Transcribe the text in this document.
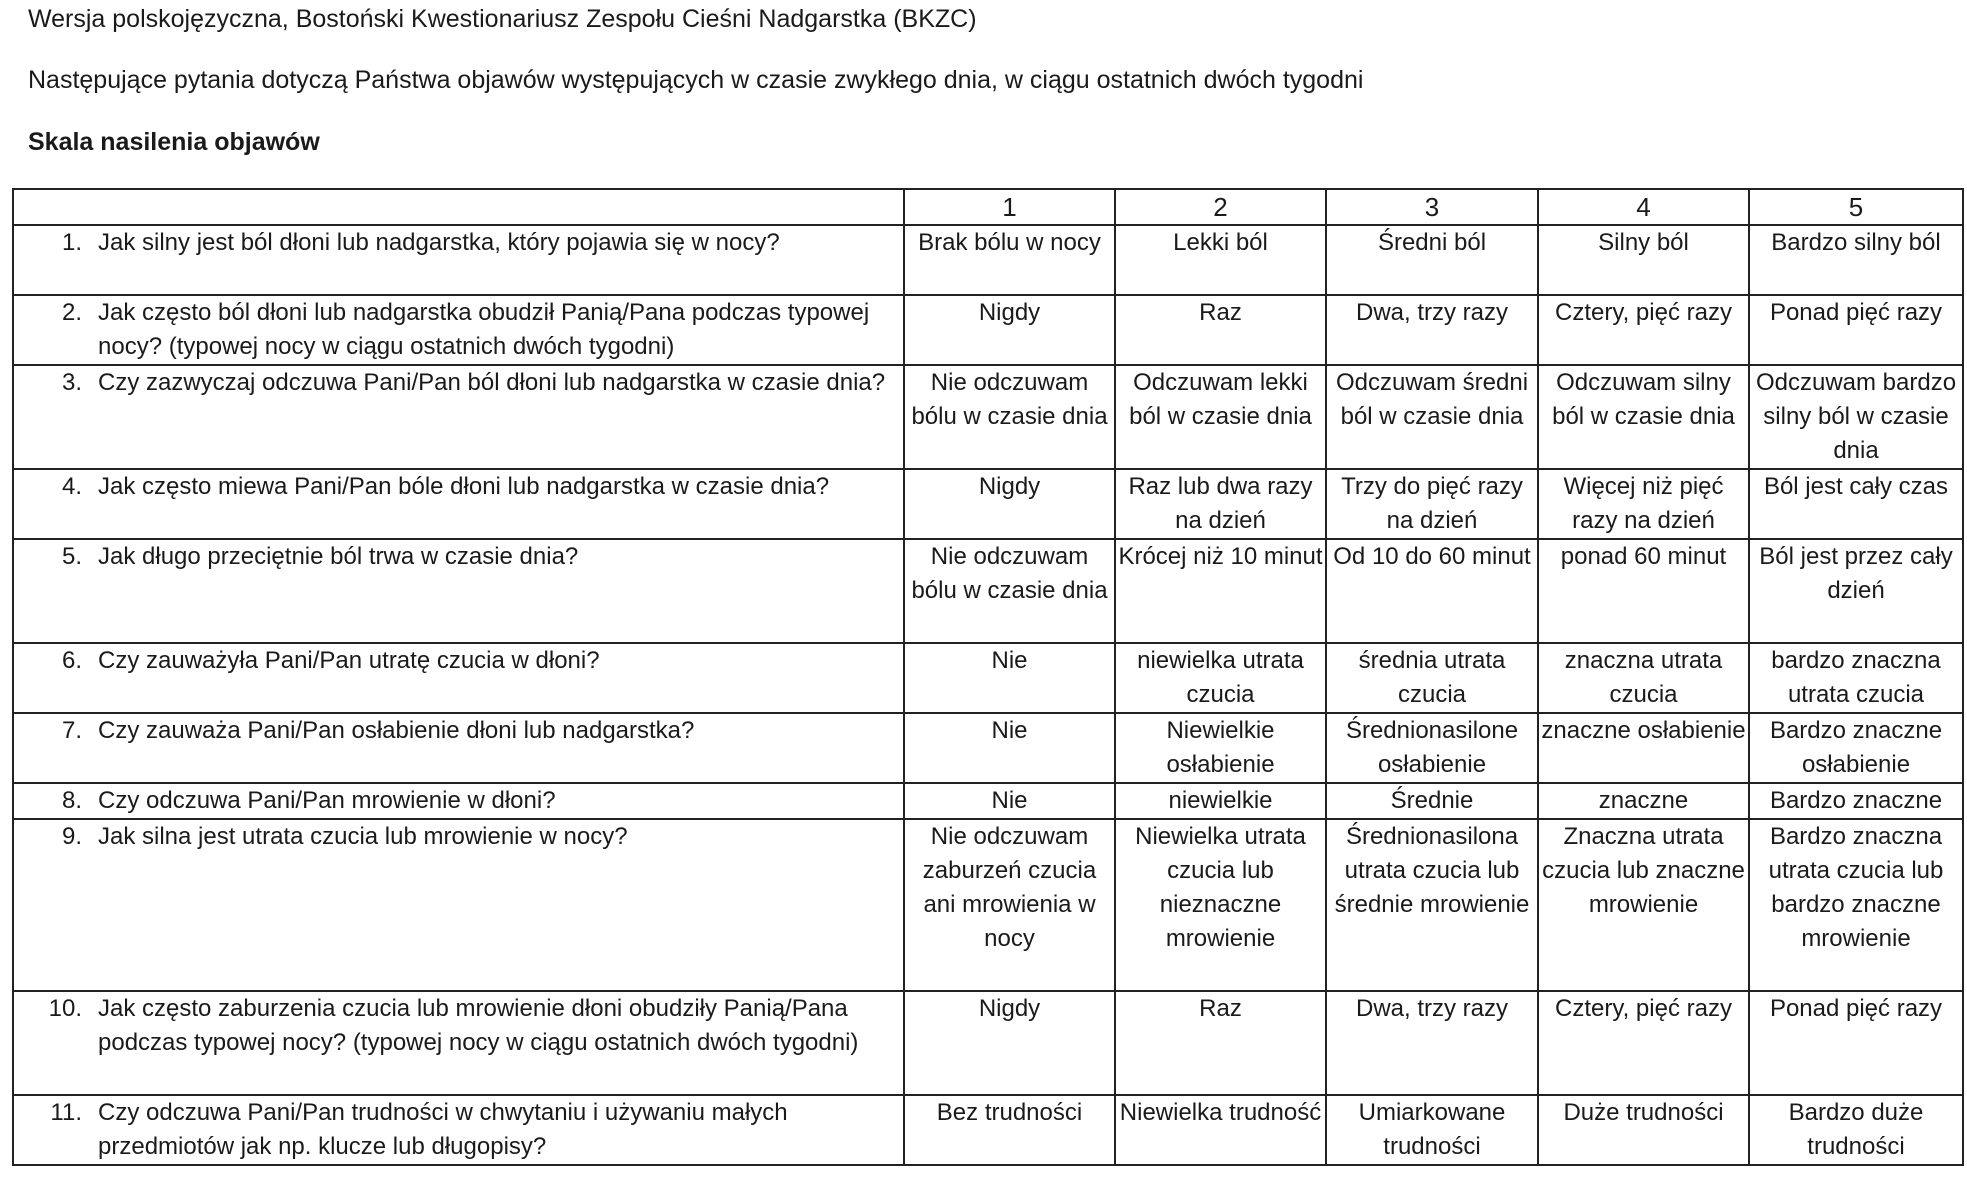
Wersja polskojęzyczna, Bostoński Kwestionariusz Zespołu Cieśni Nadgarstka (BKZC)
Następujące pytania dotyczą Państwa objawów występujących w czasie zwykłego dnia, w ciągu ostatnich dwóch tygodni
Skala nasilenia objawów
	1	2	3	4	5

1. Jak silny jest ból dłoni lub nadgarstka, który pojawia się w nocy?	Brak bólu w nocy	Lekki ból	Średni ból	Silny ból	Bardzo silny ból

2. Jak często ból dłoni lub nadgarstka obudził Panią/Pana podczas typowej nocy? (typowej nocy w ciągu ostatnich dwóch tygodni)	Nigdy	Raz	Dwa, trzy razy	Cztery, pięć razy	Ponad pięć razy

3. Czy zazwyczaj odczuwa Pani/Pan ból dłoni lub nadgarstka w czasie dnia?	Nie odczuwam bólu w czasie dnia	Odczuwam lekki ból w czasie dnia	Odczuwam średni ból w czasie dnia	Odczuwam silny ból w czasie dnia	Odczuwam bardzo silny ból w czasie dnia

4. Jak często miewa Pani/Pan bóle dłoni lub nadgarstka w czasie dnia?	Nigdy	Raz lub dwa razy na dzień	Trzy do pięć razy na dzień	Więcej niż pięć razy na dzień	Ból jest cały czas

5. Jak długo przeciętnie ból trwa w czasie dnia?	Nie odczuwam bólu w czasie dnia	Krócej niż 10 minut	Od 10 do 60 minut	ponad 60 minut	Ból jest przez cały dzień

6. Czy zauważyła Pani/Pan utratę czucia w dłoni?	Nie	niewielka utrata czucia	średnia utrata czucia	znaczna utrata czucia	bardzo znaczna utrata czucia

7. Czy zauważa Pani/Pan osłabienie dłoni lub nadgarstka?	Nie	Niewielkie osłabienie	Średnionasilone osłabienie	znaczne osłabienie	Bardzo znaczne osłabienie

8. Czy odczuwa Pani/Pan mrowienie w dłoni?	Nie	niewielkie	Średnie	znaczne	Bardzo znaczne

9. Jak silna jest utrata czucia lub mrowienie w nocy?	Nie odczuwam zaburzeń czucia ani mrowienia w nocy	Niewielka utrata czucia lub nieznaczne mrowienie	Średnionasilona utrata czucia lub średnie mrowienie	Znaczna utrata czucia lub znaczne mrowienie	Bardzo znaczna utrata czucia lub bardzo znaczne mrowienie

10. Jak często zaburzenia czucia lub mrowienie dłoni obudziły Panią/Pana podczas typowej nocy? (typowej nocy w ciągu ostatnich dwóch tygodni)	Nigdy	Raz	Dwa, trzy razy	Cztery, pięć razy	Ponad pięć razy

11. Czy odczuwa Pani/Pan trudności w chwytaniu i używaniu małych przedmiotów jak np. klucze lub długopisy?	Bez trudności	Niewielka trudność	Umiarkowane trudności	Duże trudności	Bardzo duże trudności
